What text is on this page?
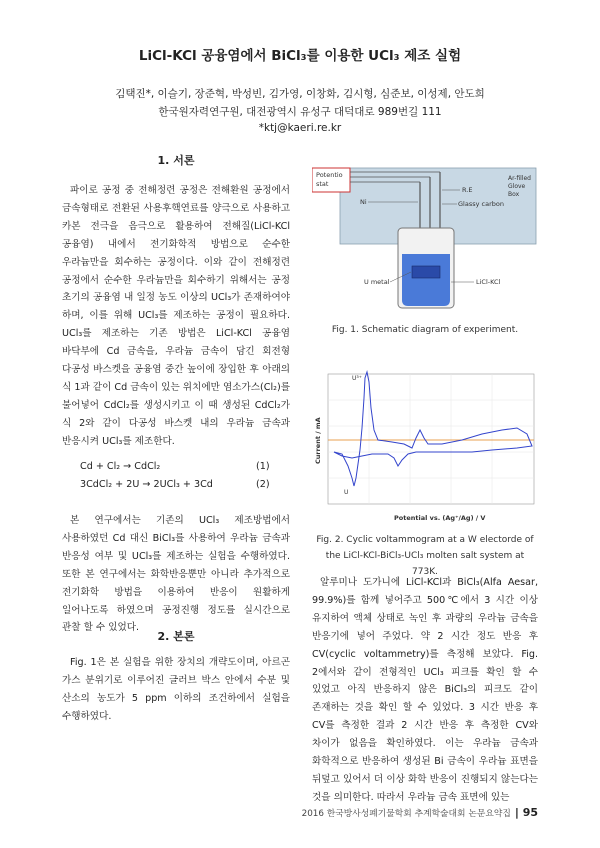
LiCl-KCl 공융염에서 BiCl₃를 이용한 UCl₃ 제조 실험
김택진*, 이슬기, 장준혁, 박성빈, 김가영, 이창화, 김시형, 심준보, 이성제, 안도희
한국원자력연구원, 대전광역시 유성구 대덕대로 989번길 111
*ktj@kaeri.re.kr
1. 서론

파이로 공정 중 전해정련 공정은 전해환원 공정에서 금속형태로 전환된 사용후핵연료를 양극으로 사용하고 카본 전극을 음극으로 활용하여 전해질(LiCl-KCl 공융염) 내에서 전기화학적 방법으로 순수한 우라늄만을 회수하는 공정이다. 이와 같이 전해정련 공정에서 순수한 우라늄만을 회수하기 위해서는 공정 초기의 공융염 내 일정 농도 이상의 UCl₃가 존재하여야 하며, 이를 위해 UCl₃를 제조하는 공정이 필요하다. UCl₃를 제조하는 기존 방법은 LiCl-KCl 공융염 바닥부에 Cd 금속을, 우라늄 금속이 담긴 회전형 다공성 바스켓을 공융염 중간 높이에 장입한 후 아래의 식 1과 같이 Cd 금속이 있는 위치에만 염소가스(Cl₂)를 불어넣어 CdCl₂를 생성시키고 이 때 생성된 CdCl₂가 식 2와 같이 다공성 바스켓 내의 우라늄 금속과 반응시켜 UCl₃를 제조한다.

Cd + Cl₂ → CdCl₂	(1)
3CdCl₂ + 2U → 2UCl₃ + 3Cd	(2)

본 연구에서는 기존의 UCl₃ 제조방법에서 사용하였던 Cd 대신 BiCl₃를 사용하여 우라늄 금속과 반응성 여부 및 UCl₃를 제조하는 실험을 수행하였다. 또한 본 연구에서는 화학반응뿐만 아니라 추가적으로 전기화학 방법을 이용하여 반응이 원활하게 일어나도록 하였으며 공정진행 정도를 실시간으로 관찰 할 수 있었다.

2. 본론

Fig. 1은 본 실험을 위한 장치의 개략도이며, 아르곤 가스 분위기로 이루어진 글러브 박스 안에서 수분 및 산소의 농도가 5 ppm 이하의 조건하에서 실험을 수행하였다.

Potentio
stat
R.E
Ni	Glassy carbon
Ar-filled
Glove
Box
U metal	LiCl-KCl
Fig. 1. Schematic diagram of experiment.
U³⁺
U
Current / mA
Potential vs. (Ag⁺/Ag) / V
Fig. 2. Cyclic voltammogram at a W electorde of the LiCl-KCl-BiCl₃-UCl₃ molten salt system at 773K.

알루미나 도가니에 LiCl-KCl과 BiCl₃(Alfa Aesar, 99.9%)를 함께 넣어주고 500℃에서 3 시간 이상 유지하여 액체 상태로 녹인 후 과량의 우라늄 금속을 반응기에 넣어 주었다. 약 2 시간 정도 반응 후 CV(cyclic voltammetry)를 측정해 보았다. Fig. 2에서와 같이 전형적인 UCl₃ 피크를 확인 할 수 있었고 아직 반응하지 않은 BiCl₃의 피크도 같이 존재하는 것을 확인 할 수 있었다. 3 시간 반응 후 CV를 측정한 결과 2 시간 반응 후 측정한 CV와 차이가 없음을 확인하였다. 이는 우라늄 금속과 화학적으로 반응하여 생성된 Bi 금속이 우라늄 표면을 뒤덮고 있어서 더 이상 화학 반응이 진행되지 않는다는 것을 의미한다. 따라서 우라늄 금속 표면에 있는

2016 한국방사성폐기물학회 추계학술대회 논문요약집 | 95
